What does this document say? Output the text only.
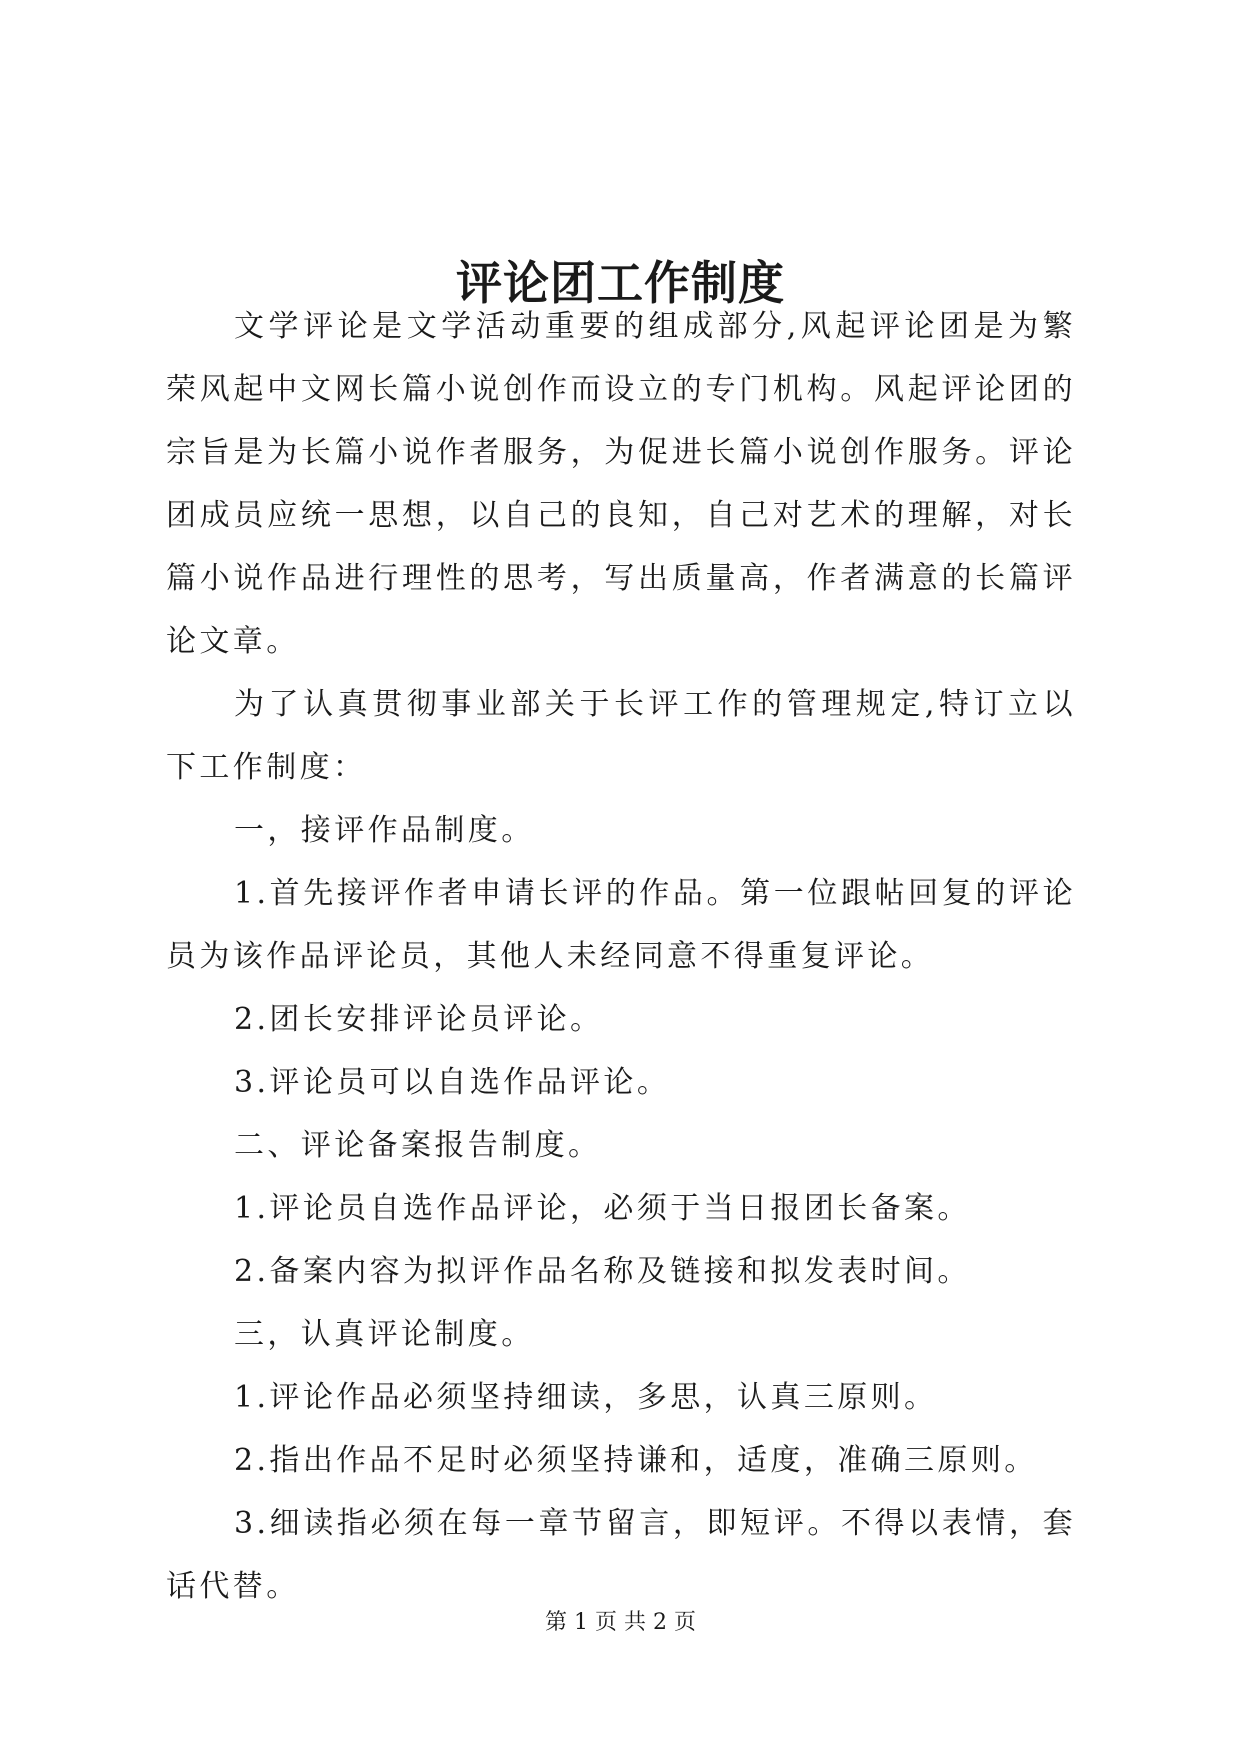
评论团工作制度

文学评论是文学活动重要的组成部分,风起评论团是为繁荣风起中文网长篇小说创作而设立的专门机构。风起评论团的宗旨是为长篇小说作者服务，为促进长篇小说创作服务。评论团成员应统一思想，以自己的良知，自己对艺术的理解，对长篇小说作品进行理性的思考，写出质量高，作者满意的长篇评论文章。

为了认真贯彻事业部关于长评工作的管理规定,特订立以下工作制度：

一，接评作品制度。

1.首先接评作者申请长评的作品。第一位跟帖回复的评论员为该作品评论员，其他人未经同意不得重复评论。

2.团长安排评论员评论。

3.评论员可以自选作品评论。

二、评论备案报告制度。

1.评论员自选作品评论，必须于当日报团长备案。

2.备案内容为拟评作品名称及链接和拟发表时间。

三，认真评论制度。

1.评论作品必须坚持细读，多思，认真三原则。

2.指出作品不足时必须坚持谦和，适度，准确三原则。

3.细读指必须在每一章节留言，即短评。不得以表情，套话代替。

第 1 页 共 2 页
